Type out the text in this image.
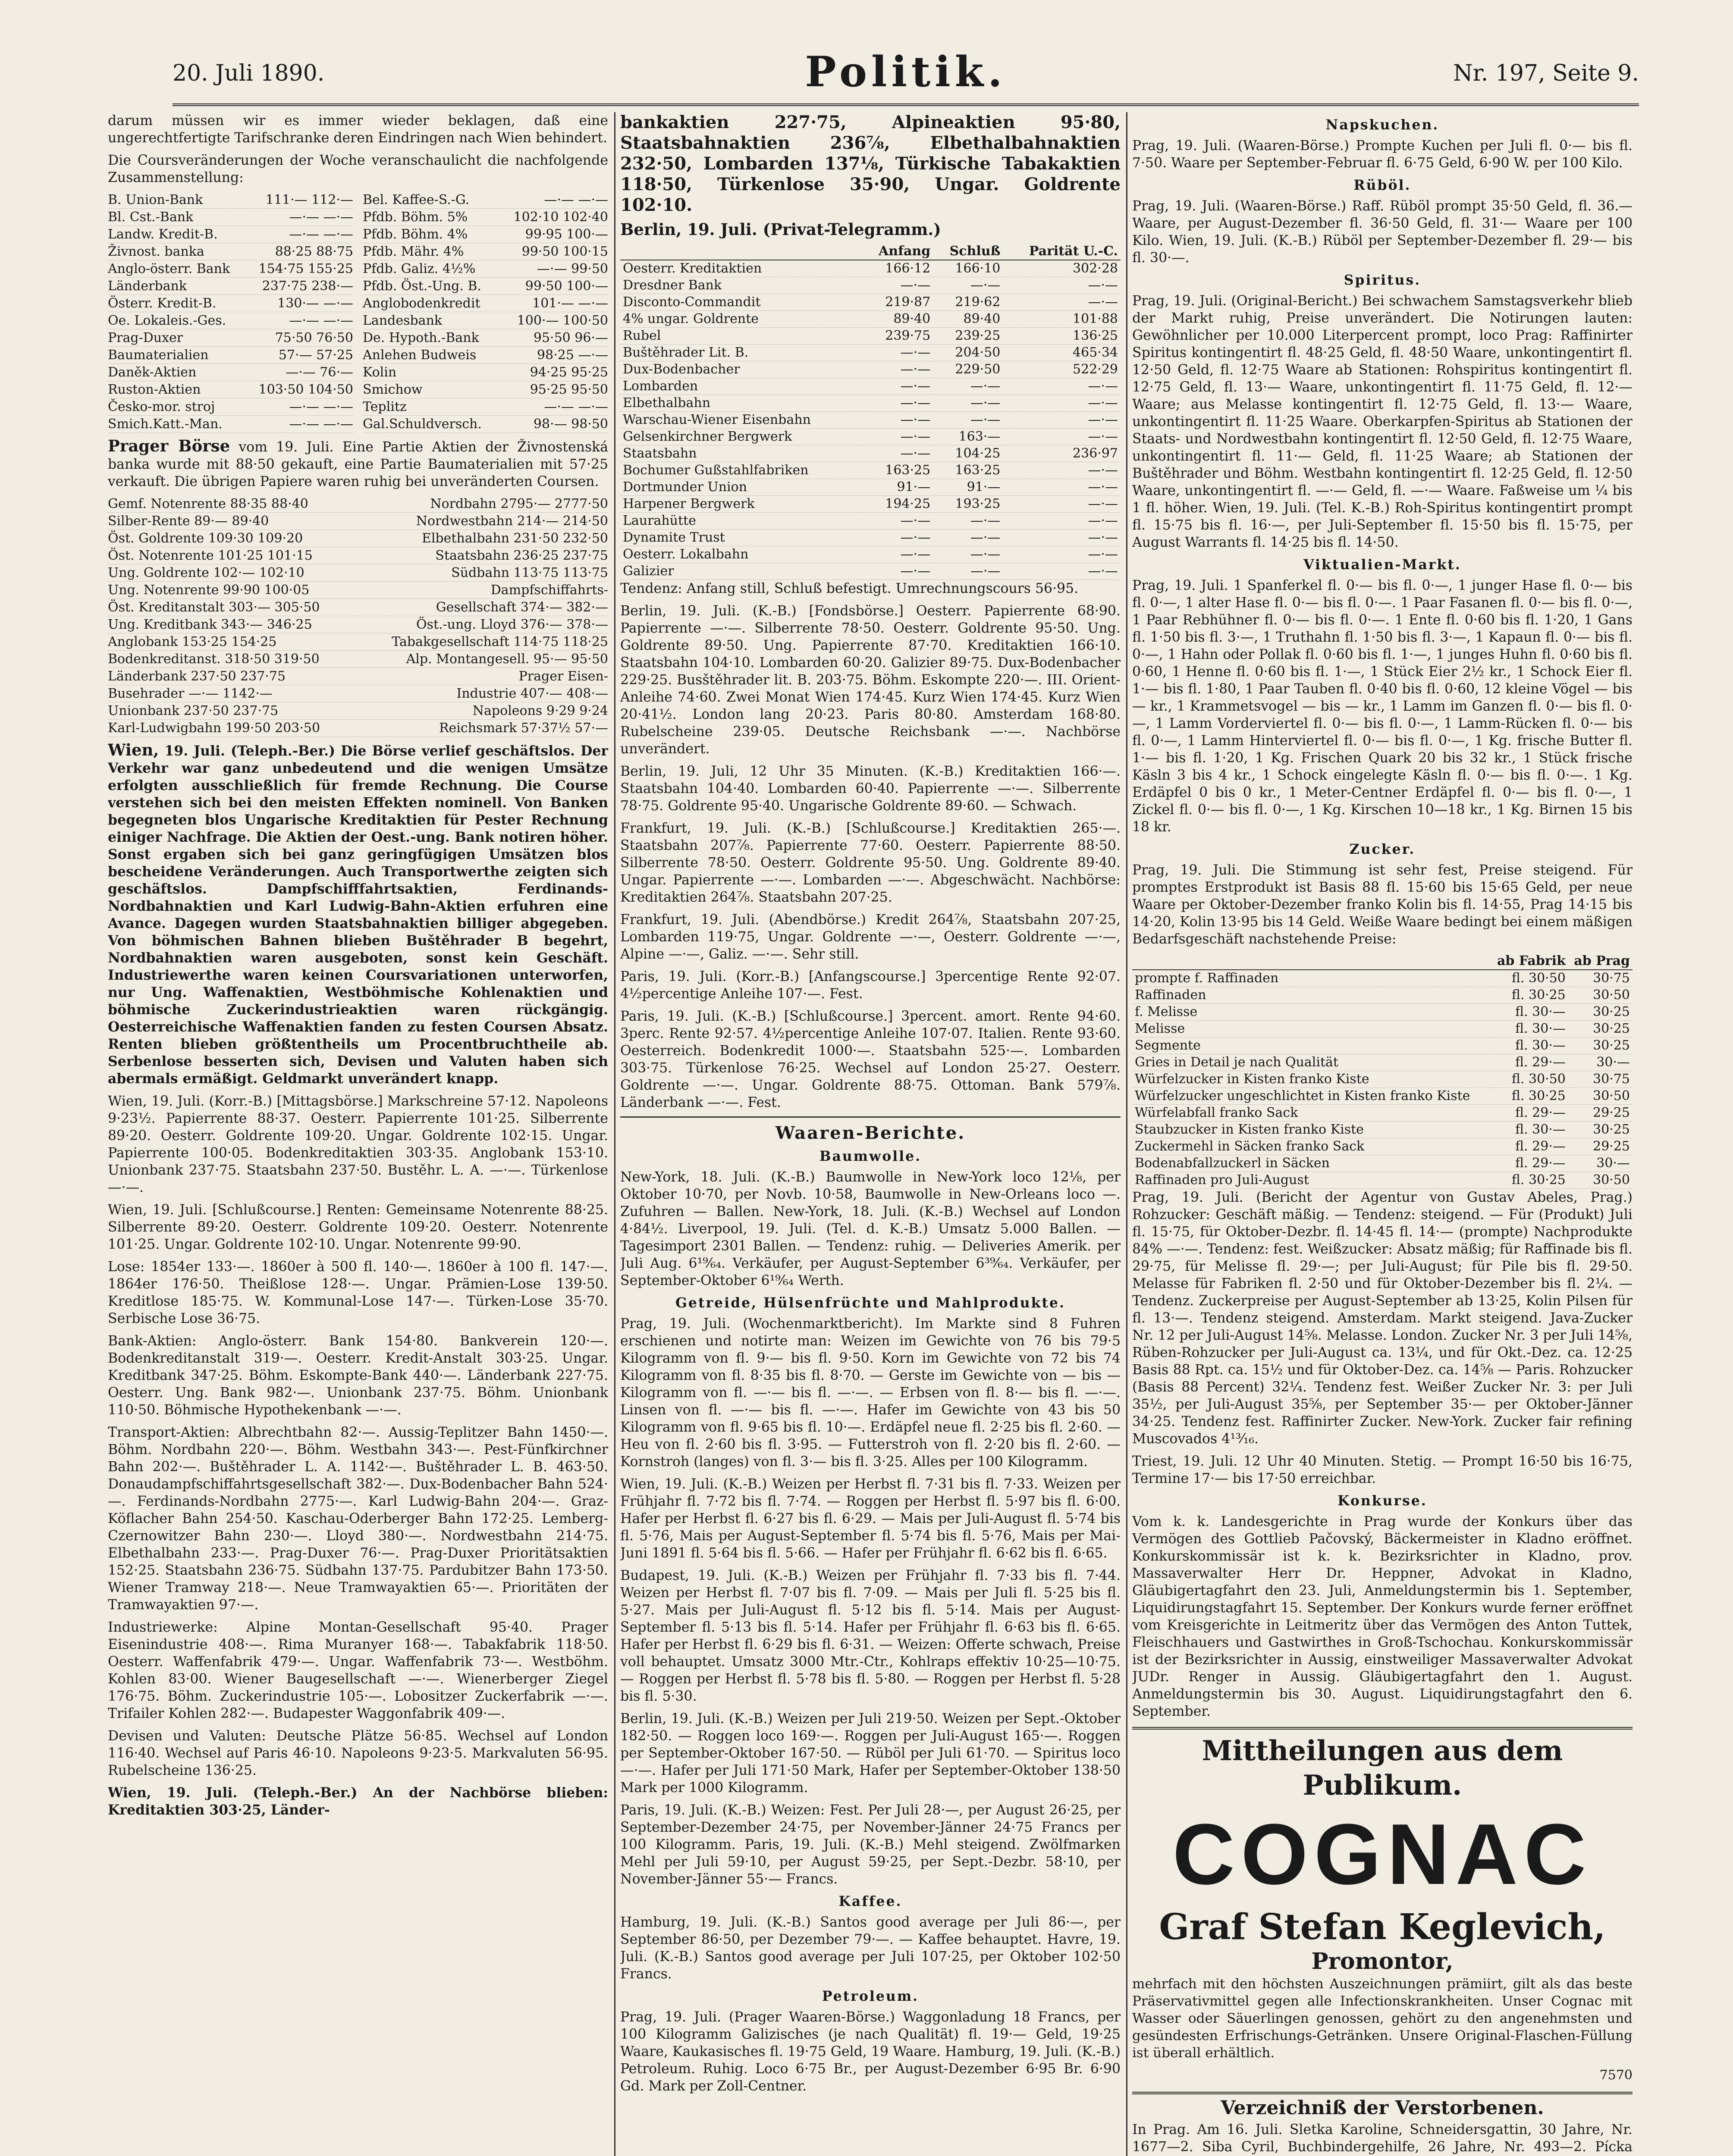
20. Juli 1890.	Politik.	Nr. 197, Seite 9.

darum müssen wir es immer wieder beklagen, daß eine ungerechtfertigte Tarifschranke deren Eindringen nach Wien behindert.

Die Coursveränderungen der Woche veranschaulicht die nachfolgende Zusammenstellung:

B. Union-Bank	111·— 112·—
Bl. Cst.-Bank	—·— —·—
Landw. Kredit-B.	—·— —·—
Živnost. banka	88·25 88·75
Anglo-österr. Bank	154·75 155·25
Länderbank	237·75 238·—
Österr. Kredit-B.	130·— —·—
Oe. Lokaleis.-Ges.	—·— —·—
Prag-Duxer	75·50 76·50
Baumaterialien	57·— 57·25
Daněk-Aktien	—·— 76·—
Ruston-Aktien	103·50 104·50
Česko-mor. stroj	—·— —·—
Smich.Katt.-Man.	—·— —·—
Bel. Kaffee-S.-G.	—·— —·—
Pfdb. Böhm. 5%	102·10 102·40
Pfdb. Böhm. 4%	99·95 100·—
Pfdb. Mähr. 4%	99·50 100·15
Pfdb. Galiz. 4½%	—·— 99·50
Pfdb. Öst.-Ung. B.	99·50 100·—
Anglobodenkredit	101·— —·—
Landesbank	100·— 100·50
De. Hypoth.-Bank	95·50 96·—
Anlehen Budweis	98·25 —·—
Kolin	94·25 95·25
Smichow	95·25 95·50
Teplitz	—·— —·—
Gal.Schuldversch.	98·— 98·50

Prager Börse vom 19. Juli. Eine Partie Aktien der Živnostenská banka wurde mit 88·50 gekauft, eine Partie Baumaterialien mit 57·25 verkauft. Die übrigen Papiere waren ruhig bei unveränderten Coursen.

Gemf. Notenrente 88·35 88·40	Nordbahn 2795·— 2777·50
Silber-Rente 89·— 89·40	Nordwestbahn 214·— 214·50
Öst. Goldrente 109·30 109·20	Elbethalbahn 231·50 232·50
Öst. Notenrente 101·25 101·15	Staatsbahn 236·25 237·75
Ung. Goldrente 102·— 102·10	Südbahn 113·75 113·75
Ung. Notenrente 99·90 100·05	Dampfschiffahrts-
Öst. Kreditanstalt 303·— 305·50	Gesellschaft 374·— 382·—
Ung. Kreditbank 343·— 346·25	Öst.-ung. Lloyd 376·— 378·—
Anglobank 153·25 154·25	Tabakgesellschaft 114·75 118·25
Bodenkreditanst. 318·50 319·50	Alp. Montangesell. 95·— 95·50
Länderbank 237·50 237·75	Prager Eisen-
Busehrader —·— 1142·—	Industrie 407·— 408·—
Unionbank 237·50 237·75	Napoleons 9·29 9·24
Karl-Ludwigbahn 199·50 203·50	Reichsmark 57·37½ 57·—

Wien, 19. Juli. (Teleph.-Ber.) Die Börse verlief geschäftslos. Der Verkehr war ganz unbedeutend und die wenigen Umsätze erfolgten ausschließlich für fremde Rechnung. Die Course verstehen sich bei den meisten Effekten nominell. Von Banken begegneten blos Ungarische Kreditaktien für Pester Rechnung einiger Nachfrage. Die Aktien der Oest.-ung. Bank notiren höher. Sonst ergaben sich bei ganz geringfügigen Umsätzen blos bescheidene Veränderungen. Auch Transportwerthe zeigten sich geschäftslos. Dampfschifffahrtsaktien, Ferdinands-Nordbahnaktien und Karl Ludwig-Bahn-Aktien erfuhren eine Avance. Dagegen wurden Staatsbahnaktien billiger abgegeben. Von böhmischen Bahnen blieben Buštěhrader B begehrt, Nordbahnaktien waren ausgeboten, sonst kein Geschäft. Industriewerthe waren keinen Coursvariationen unterworfen, nur Ung. Waffenaktien, Westböhmische Kohlenaktien und böhmische Zuckerindustrieaktien waren rückgängig. Oesterreichische Waffenaktien fanden zu festen Coursen Absatz. Renten blieben größtentheils um Procentbruchtheile ab. Serbenlose besserten sich, Devisen und Valuten haben sich abermals ermäßigt. Geldmarkt unverändert knapp.

Wien, 19. Juli. (Korr.-B.) [Mittagsbörse.] Markschreine 57·12. Napoleons 9·23½. Papierrente 88·37. Oesterr. Papierrente 101·25. Silberrente 89·20. Oesterr. Goldrente 109·20. Ungar. Goldrente 102·15. Ungar. Papierrente 100·05. Bodenkreditaktien 303·35. Anglobank 153·10. Unionbank 237·75. Staatsbahn 237·50. Bustěhr. L. A. —·—. Türkenlose —·—.

Wien, 19. Juli. [Schlußcourse.] Renten: Gemeinsame Notenrente 88·25. Silberrente 89·20. Oesterr. Goldrente 109·20. Oesterr. Notenrente 101·25. Ungar. Goldrente 102·10. Ungar. Notenrente 99·90.

Lose: 1854er 133·—. 1860er à 500 fl. 140·—. 1860er à 100 fl. 147·—. 1864er 176·50. Theißlose 128·—. Ungar. Prämien-Lose 139·50. Kreditlose 185·75. W. Kommunal-Lose 147·—. Türken-Lose 35·70. Serbische Lose 36·75.

Bank-Aktien: Anglo-österr. Bank 154·80. Bankverein 120·—. Bodenkreditanstalt 319·—. Oesterr. Kredit-Anstalt 303·25. Ungar. Kreditbank 347·25. Böhm. Eskompte-Bank 440·—. Länderbank 227·75. Oesterr. Ung. Bank 982·—. Unionbank 237·75. Böhm. Unionbank 110·50. Böhmische Hypothekenbank —·—.

Transport-Aktien: Albrechtbahn 82·—. Aussig-Teplitzer Bahn 1450·—. Böhm. Nordbahn 220·—. Böhm. Westbahn 343·—. Pest-Fünfkirchner Bahn 202·—. Buštěhrader L. A. 1142·—. Buštěhrader L. B. 463·50. Donaudampfschiffahrtsgesellschaft 382·—. Dux-Bodenbacher Bahn 524·—. Ferdinands-Nordbahn 2775·—. Karl Ludwig-Bahn 204·—. Graz-Köflacher Bahn 254·50. Kaschau-Oderberger Bahn 172·25. Lemberg-Czernowitzer Bahn 230·—. Lloyd 380·—. Nordwestbahn 214·75. Elbethalbahn 233·—. Prag-Duxer 76·—. Prag-Duxer Prioritätsaktien 152·25. Staatsbahn 236·75. Südbahn 137·75. Pardubitzer Bahn 173·50. Wiener Tramway 218·—. Neue Tramwayaktien 65·—. Prioritäten der Tramwayaktien 97·—.

Industriewerke: Alpine Montan-Gesellschaft 95·40. Prager Eisenindustrie 408·—. Rima Muranyer 168·—. Tabakfabrik 118·50. Oesterr. Waffenfabrik 479·—. Ungar. Waffenfabrik 73·—. Westböhm. Kohlen 83·00. Wiener Baugesellschaft —·—. Wienerberger Ziegel 176·75. Böhm. Zuckerindustrie 105·—. Lobositzer Zuckerfabrik —·—. Trifailer Kohlen 282·—. Budapester Waggonfabrik 409·—.

Devisen und Valuten: Deutsche Plätze 56·85. Wechsel auf London 116·40. Wechsel auf Paris 46·10. Napoleons 9·23·5. Markvaluten 56·95. Rubelscheine 136·25.

Wien, 19. Juli. (Teleph.-Ber.) An der Nachbörse blieben: Kreditaktien 303·25, Länder-

bankaktien 227·75, Alpineaktien 95·80, Staatsbahnaktien 236⅞, Elbethalbahnaktien 232·50, Lombarden 137⅛, Türkische Tabakaktien 118·50, Türkenlose 35·90, Ungar. Goldrente 102·10.

Berlin, 19. Juli. (Privat-Telegramm.)

	Anfang	Schluß	Parität U.-C.
Oesterr. Kreditaktien	166·12	166·10	302·28
Dresdner Bank	—·—	—·—	—·—
Disconto-Commandit	219·87	219·62	—·—
4% ungar. Goldrente	89·40	89·40	101·88
Rubel	239·75	239·25	136·25
Buštěhrader Lit. B.	—·—	204·50	465·34
Dux-Bodenbacher	—·—	229·50	522·29
Lombarden	—·—	—·—	—·—
Elbethalbahn	—·—	—·—	—·—
Warschau-Wiener Eisenbahn	—·—	—·—	—·—
Gelsenkirchner Bergwerk	—·—	163·—	—·—
Staatsbahn	—·—	104·25	236·97
Bochumer Gußstahlfabriken	163·25	163·25	—·—
Dortmunder Union	91·—	91·—	—·—
Harpener Bergwerk	194·25	193·25	—·—
Laurahütte	—·—	—·—	—·—
Dynamite Trust	—·—	—·—	—·—
Oesterr. Lokalbahn	—·—	—·—	—·—
Galizier	—·—	—·—	—·—

Tendenz: Anfang still, Schluß befestigt. Umrechnungscours 56·95.

Berlin, 19. Juli. (K.-B.) [Fondsbörse.] Oesterr. Papierrente 68·90. Papierrente —·—. Silberrente 78·50. Oesterr. Goldrente 95·50. Ung. Goldrente 89·50. Ung. Papierrente 87·70. Kreditaktien 166·10. Staatsbahn 104·10. Lombarden 60·20. Galizier 89·75. Dux-Bodenbacher 229·25. Busštěhrader lit. B. 203·75. Böhm. Eskompte 220·—. III. Orient-Anleihe 74·60. Zwei Monat Wien 174·45. Kurz Wien 174·45. Kurz Wien 20·41½. London lang 20·23. Paris 80·80. Amsterdam 168·80. Rubelscheine 239·05. Deutsche Reichsbank —·—. Nachbörse unverändert.

Berlin, 19. Juli, 12 Uhr 35 Minuten. (K.-B.) Kreditaktien 166·—. Staatsbahn 104·40. Lombarden 60·40. Papierrente —·—. Silberrente 78·75. Goldrente 95·40. Ungarische Goldrente 89·60. — Schwach.

Frankfurt, 19. Juli. (K.-B.) [Schlußcourse.] Kreditaktien 265·—. Staatsbahn 207⅞. Papierrente 77·60. Oesterr. Papierrente 88·50. Silberrente 78·50. Oesterr. Goldrente 95·50. Ung. Goldrente 89·40. Ungar. Papierrente —·—. Lombarden —·—. Abgeschwächt. Nachbörse: Kreditaktien 264⅞. Staatsbahn 207·25.

Frankfurt, 19. Juli. (Abendbörse.) Kredit 264⅞, Staatsbahn 207·25, Lombarden 119·75, Ungar. Goldrente —·—, Oesterr. Goldrente —·—, Alpine —·—, Galiz. —·—. Sehr still.

Paris, 19. Juli. (Korr.-B.) [Anfangscourse.] 3percentige Rente 92·07. 4½percentige Anleihe 107·—. Fest.

Paris, 19. Juli. (K.-B.) [Schlußcourse.] 3percent. amort. Rente 94·60. 3perc. Rente 92·57. 4½percentige Anleihe 107·07. Italien. Rente 93·60. Oesterreich. Bodenkredit 1000·—. Staatsbahn 525·—. Lombarden 303·75. Türkenlose 76·25. Wechsel auf London 25·27. Oesterr. Goldrente —·—. Ungar. Goldrente 88·75. Ottoman. Bank 579⅞. Länderbank —·—. Fest.

Waaren-Berichte.
Baumwolle.

New-York, 18. Juli. (K.-B.) Baumwolle in New-York loco 12⅛, per Oktober 10·70, per Novb. 10·58, Baumwolle in New-Orleans loco —. Zufuhren — Ballen. New-York, 18. Juli. (K.-B.) Wechsel auf London 4·84½. Liverpool, 19. Juli. (Tel. d. K.-B.) Umsatz 5.000 Ballen. — Tagesimport 2301 Ballen. — Tendenz: ruhig. — Deliveries Amerik. per Juli Aug. 6¹⁹⁄₆₄. Verkäufer, per August-September 6³⁹⁄₆₄. Verkäufer, per September-Oktober 6¹⁹⁄₆₄ Werth.

Getreide, Hülsenfrüchte und Mahlprodukte.

Prag, 19. Juli. (Wochenmarktbericht). Im Markte sind 8 Fuhren erschienen und notirte man: Weizen im Gewichte von 76 bis 79·5 Kilogramm von fl. 9·— bis fl. 9·50. Korn im Gewichte von 72 bis 74 Kilogramm von fl. 8·35 bis fl. 8·70. — Gerste im Gewichte von — bis — Kilogramm von fl. —·— bis fl. —·—. — Erbsen von fl. 8·— bis fl. —·—. Linsen von fl. —·— bis fl. —·—. Hafer im Gewichte von 43 bis 50 Kilogramm von fl. 9·65 bis fl. 10·—. Erdäpfel neue fl. 2·25 bis fl. 2·60. — Heu von fl. 2·60 bis fl. 3·95. — Futterstroh von fl. 2·20 bis fl. 2·60. — Kornstroh (langes) von fl. 3·— bis fl. 3·25. Alles per 100 Kilogramm.

Wien, 19. Juli. (K.-B.) Weizen per Herbst fl. 7·31 bis fl. 7·33. Weizen per Frühjahr fl. 7·72 bis fl. 7·74. — Roggen per Herbst fl. 5·97 bis fl. 6·00. Hafer per Herbst fl. 6·27 bis fl. 6·29. — Mais per Juli-August fl. 5·74 bis fl. 5·76, Mais per August-September fl. 5·74 bis fl. 5·76, Mais per Mai-Juni 1891 fl. 5·64 bis fl. 5·66. — Hafer per Frühjahr fl. 6·62 bis fl. 6·65.

Budapest, 19. Juli. (K.-B.) Weizen per Frühjahr fl. 7·33 bis fl. 7·44. Weizen per Herbst fl. 7·07 bis fl. 7·09. — Mais per Juli fl. 5·25 bis fl. 5·27. Mais per Juli-August fl. 5·12 bis fl. 5·14. Mais per August-September fl. 5·13 bis fl. 5·14. Hafer per Frühjahr fl. 6·63 bis fl. 6·65. Hafer per Herbst fl. 6·29 bis fl. 6·31. — Weizen: Offerte schwach, Preise voll behauptet. Umsatz 3000 Mtr.-Ctr., Kohlraps effektiv 10·25—10·75. — Roggen per Herbst fl. 5·78 bis fl. 5·80. — Roggen per Herbst fl. 5·28 bis fl. 5·30.

Berlin, 19. Juli. (K.-B.) Weizen per Juli 219·50. Weizen per Sept.-Oktober 182·50. — Roggen loco 169·—. Roggen per Juli-August 165·—. Roggen per September-Oktober 167·50. — Rüböl per Juli 61·70. — Spiritus loco —·—. Hafer per Juli 171·50 Mark, Hafer per September-Oktober 138·50 Mark per 1000 Kilogramm.

Paris, 19. Juli. (K.-B.) Weizen: Fest. Per Juli 28·—, per August 26·25, per September-Dezember 24·75, per November-Jänner 24·75 Francs per 100 Kilogramm. Paris, 19. Juli. (K.-B.) Mehl steigend. Zwölfmarken Mehl per Juli 59·10, per August 59·25, per Sept.-Dezbr. 58·10, per November-Jänner 55·— Francs.

Kaffee.

Hamburg, 19. Juli. (K.-B.) Santos good average per Juli 86·—, per September 86·50, per Dezember 79·—. — Kaffee behauptet. Havre, 19. Juli. (K.-B.) Santos good average per Juli 107·25, per Oktober 102·50 Francs.

Petroleum.

Prag, 19. Juli. (Prager Waaren-Börse.) Waggonladung 18 Francs, per 100 Kilogramm Galizisches (je nach Qualität) fl. 19·— Geld, 19·25 Waare, Kaukasisches fl. 19·75 Geld, 19 Waare. Hamburg, 19. Juli. (K.-B.) Petroleum. Ruhig. Loco 6·75 Br., per August-Dezember 6·95 Br. 6·90 Gd. Mark per Zoll-Centner.

Napskuchen.

Prag, 19. Juli. (Waaren-Börse.) Prompte Kuchen per Juli fl. 0·— bis fl. 7·50. Waare per September-Februar fl. 6·75 Geld, 6·90 W. per 100 Kilo.

Rüböl.

Prag, 19. Juli. (Waaren-Börse.) Raff. Rüböl prompt 35·50 Geld, fl. 36.— Waare, per August-Dezember fl. 36·50 Geld, fl. 31·— Waare per 100 Kilo. Wien, 19. Juli. (K.-B.) Rüböl per September-Dezember fl. 29·— bis fl. 30·—.

Spiritus.

Prag, 19. Juli. (Original-Bericht.) Bei schwachem Samstagsverkehr blieb der Markt ruhig, Preise unverändert. Die Notirungen lauten: Gewöhnlicher per 10.000 Literpercent prompt, loco Prag: Raffinirter Spiritus kontingentirt fl. 48·25 Geld, fl. 48·50 Waare, unkontingentirt fl. 12·50 Geld, fl. 12·75 Waare ab Stationen: Rohspiritus kontingentirt fl. 12·75 Geld, fl. 13·— Waare, unkontingentirt fl. 11·75 Geld, fl. 12·— Waare; aus Melasse kontingentirt fl. 12·75 Geld, fl. 13·— Waare, unkontingentirt fl. 11·25 Waare. Oberkarpfen-Spiritus ab Stationen der Staats- und Nordwestbahn kontingentirt fl. 12·50 Geld, fl. 12·75 Waare, unkontingentirt fl. 11·— Geld, fl. 11·25 Waare; ab Stationen der Buštěhrader und Böhm. Westbahn kontingentirt fl. 12·25 Geld, fl. 12·50 Waare, unkontingentirt fl. —·— Geld, fl. —·— Waare. Faßweise um ¼ bis 1 fl. höher. Wien, 19. Juli. (Tel. K.-B.) Roh-Spiritus kontingentirt prompt fl. 15·75 bis fl. 16·—, per Juli-September fl. 15·50 bis fl. 15·75, per August Warrants fl. 14·25 bis fl. 14·50.

Viktualien-Markt.

Prag, 19. Juli. 1 Spanferkel fl. 0·— bis fl. 0·—, 1 junger Hase fl. 0·— bis fl. 0·—, 1 alter Hase fl. 0·— bis fl. 0·—. 1 Paar Fasanen fl. 0·— bis fl. 0·—, 1 Paar Rebhühner fl. 0·— bis fl. 0·—. 1 Ente fl. 0·60 bis fl. 1·20, 1 Gans fl. 1·50 bis fl. 3·—, 1 Truthahn fl. 1·50 bis fl. 3·—, 1 Kapaun fl. 0·— bis fl. 0·—, 1 Hahn oder Pollak fl. 0·60 bis fl. 1·—, 1 junges Huhn fl. 0·60 bis fl. 0·60, 1 Henne fl. 0·60 bis fl. 1·—, 1 Stück Eier 2½ kr., 1 Schock Eier fl. 1·— bis fl. 1·80, 1 Paar Tauben fl. 0·40 bis fl. 0·60, 12 kleine Vögel — bis — kr., 1 Krammetsvogel — bis — kr., 1 Lamm im Ganzen fl. 0·— bis fl. 0·—, 1 Lamm Vorderviertel fl. 0·— bis fl. 0·—, 1 Lamm-Rücken fl. 0·— bis fl. 0·—, 1 Lamm Hinterviertel fl. 0·— bis fl. 0·—, 1 Kg. frische Butter fl. 1·— bis fl. 1·20, 1 Kg. Frischen Quark 20 bis 32 kr., 1 Stück frische Käsln 3 bis 4 kr., 1 Schock eingelegte Käsln fl. 0·— bis fl. 0·—. 1 Kg. Erdäpfel 0 bis 0 kr., 1 Meter-Centner Erdäpfel fl. 0·— bis fl. 0·—, 1 Zickel fl. 0·— bis fl. 0·—, 1 Kg. Kirschen 10—18 kr., 1 Kg. Birnen 15 bis 18 kr.

Zucker.

Prag, 19. Juli. Die Stimmung ist sehr fest, Preise steigend. Für promptes Erstprodukt ist Basis 88 fl. 15·60 bis 15·65 Geld, per neue Waare per Oktober-Dezember franko Kolin bis fl. 14·55, Prag 14·15 bis 14·20, Kolin 13·95 bis 14 Geld. Weiße Waare bedingt bei einem mäßigen Bedarfsgeschäft nachstehende Preise:

	ab Fabrik	ab Prag
prompte f. Raffinaden	fl. 30·50	30·75
Raffinaden	fl. 30·25	30·50
f. Melisse	fl. 30·—	30·25
Melisse	fl. 30·—	30·25
Segmente	fl. 30·—	30·25
Gries in Detail je nach Qualität	fl. 29·—	30·—
Würfelzucker in Kisten franko Kiste	fl. 30·50	30·75
Würfelzucker ungeschlichtet in Kisten franko Kiste	fl. 30·25	30·50
Würfelabfall franko Sack	fl. 29·—	29·25
Staubzucker in Kisten franko Kiste	fl. 30·—	30·25
Zuckermehl in Säcken franko Sack	fl. 29·—	29·25
Bodenabfallzuckerl in Säcken	fl. 29·—	30·—
Raffinaden pro Juli-August	fl. 30·25	30·50

Prag, 19. Juli. (Bericht der Agentur von Gustav Abeles, Prag.) Rohzucker: Geschäft mäßig. — Tendenz: steigend. — Für (Produkt) Juli fl. 15·75, für Oktober-Dezbr. fl. 14·45 fl. 14·— (prompte) Nachprodukte 84% —·—. Tendenz: fest. Weißzucker: Absatz mäßig; für Raffinade bis fl. 29·75, für Melisse fl. 29·—; per Juli-August; für Pile bis fl. 29·50. Melasse für Fabriken fl. 2·50 und für Oktober-Dezember bis fl. 2¼. — Tendenz. Zuckerpreise per August-September ab 13·25, Kolin Pilsen für fl. 13·—. Tendenz steigend. Amsterdam. Markt steigend. Java-Zucker Nr. 12 per Juli-August 14⅝. Melasse. London. Zucker Nr. 3 per Juli 14⅝, Rüben-Rohzucker per Juli-August ca. 13¼, und für Okt.-Dez. ca. 12·25 Basis 88 Rpt. ca. 15½ und für Oktober-Dez. ca. 14⅝ — Paris. Rohzucker (Basis 88 Percent) 32¼. Tendenz fest. Weißer Zucker Nr. 3: per Juli 35½, per Juli-August 35⅝, per September 35·— per Oktober-Jänner 34·25. Tendenz fest. Raffinirter Zucker. New-York. Zucker fair refining Muscovados 4¹³⁄₁₆.

Triest, 19. Juli. 12 Uhr 40 Minuten. Stetig. — Prompt 16·50 bis 16·75, Termine 17·— bis 17·50 erreichbar.

Konkurse.

Vom k. k. Landesgerichte in Prag wurde der Konkurs über das Vermögen des Gottlieb Pačovský, Bäckermeister in Kladno eröffnet. Konkurskommissär ist k. k. Bezirksrichter in Kladno, prov. Massaverwalter Herr Dr. Heppner, Advokat in Kladno, Gläubigertagfahrt den 23. Juli, Anmeldungstermin bis 1. September, Liquidirungstagfahrt 15. September. Der Konkurs wurde ferner eröffnet vom Kreisgerichte in Leitmeritz über das Vermögen des Anton Tuttek, Fleischhauers und Gastwirthes in Groß-Tschochau. Konkurskommissär ist der Bezirksrichter in Aussig, einstweiliger Massaverwalter Advokat JUDr. Renger in Aussig. Gläubigertagfahrt den 1. August. Anmeldungstermin bis 30. August. Liquidirungstagfahrt den 6. September.

Mittheilungen aus dem Publikum.
COGNAC
Graf Stefan Keglevich,
Promontor,

mehrfach mit den höchsten Auszeichnungen prämiirt, gilt als das beste Präservativmittel gegen alle Infectionskrankheiten. Unser Cognac mit Wasser oder Säuerlingen genossen, gehört zu den angenehmsten und gesündesten Erfrischungs-Getränken. Unsere Original-Flaschen-Füllung ist überall erhältlich.

7570
Verzeichniß der Verstorbenen.

In Prag. Am 16. Juli. Sletka Karoline, Schneidersgattin, 30 Jahre, Nr. 1677—2. Siba Cyril, Buchbindergehilfe, 26 Jahre, Nr. 493—2. Pícka
